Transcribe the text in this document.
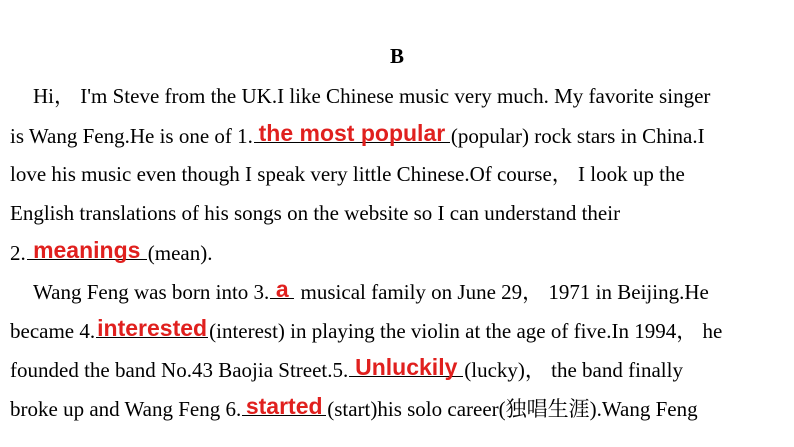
B
Hi， I'm Steve from the UK.I like Chinese music very much. My favorite singer
is Wang Feng.He is one of 1. the most popular (popular) rock stars in China.I
love his music even though I speak very little Chinese.Of course， I look up the
English translations of his songs on the website so I can understand their
2. meanings (mean).
Wang Feng was born into 3. a musical family on June 29， 1971 in Beijing.He
became 4. interested (interest) in playing the violin at the age of five.In 1994， he
founded the band No.43 Baojia Street.5. Unluckily (lucky)， the band finally
broke up and Wang Feng 6. started (start)his solo career(独唱生涯).Wang Feng
